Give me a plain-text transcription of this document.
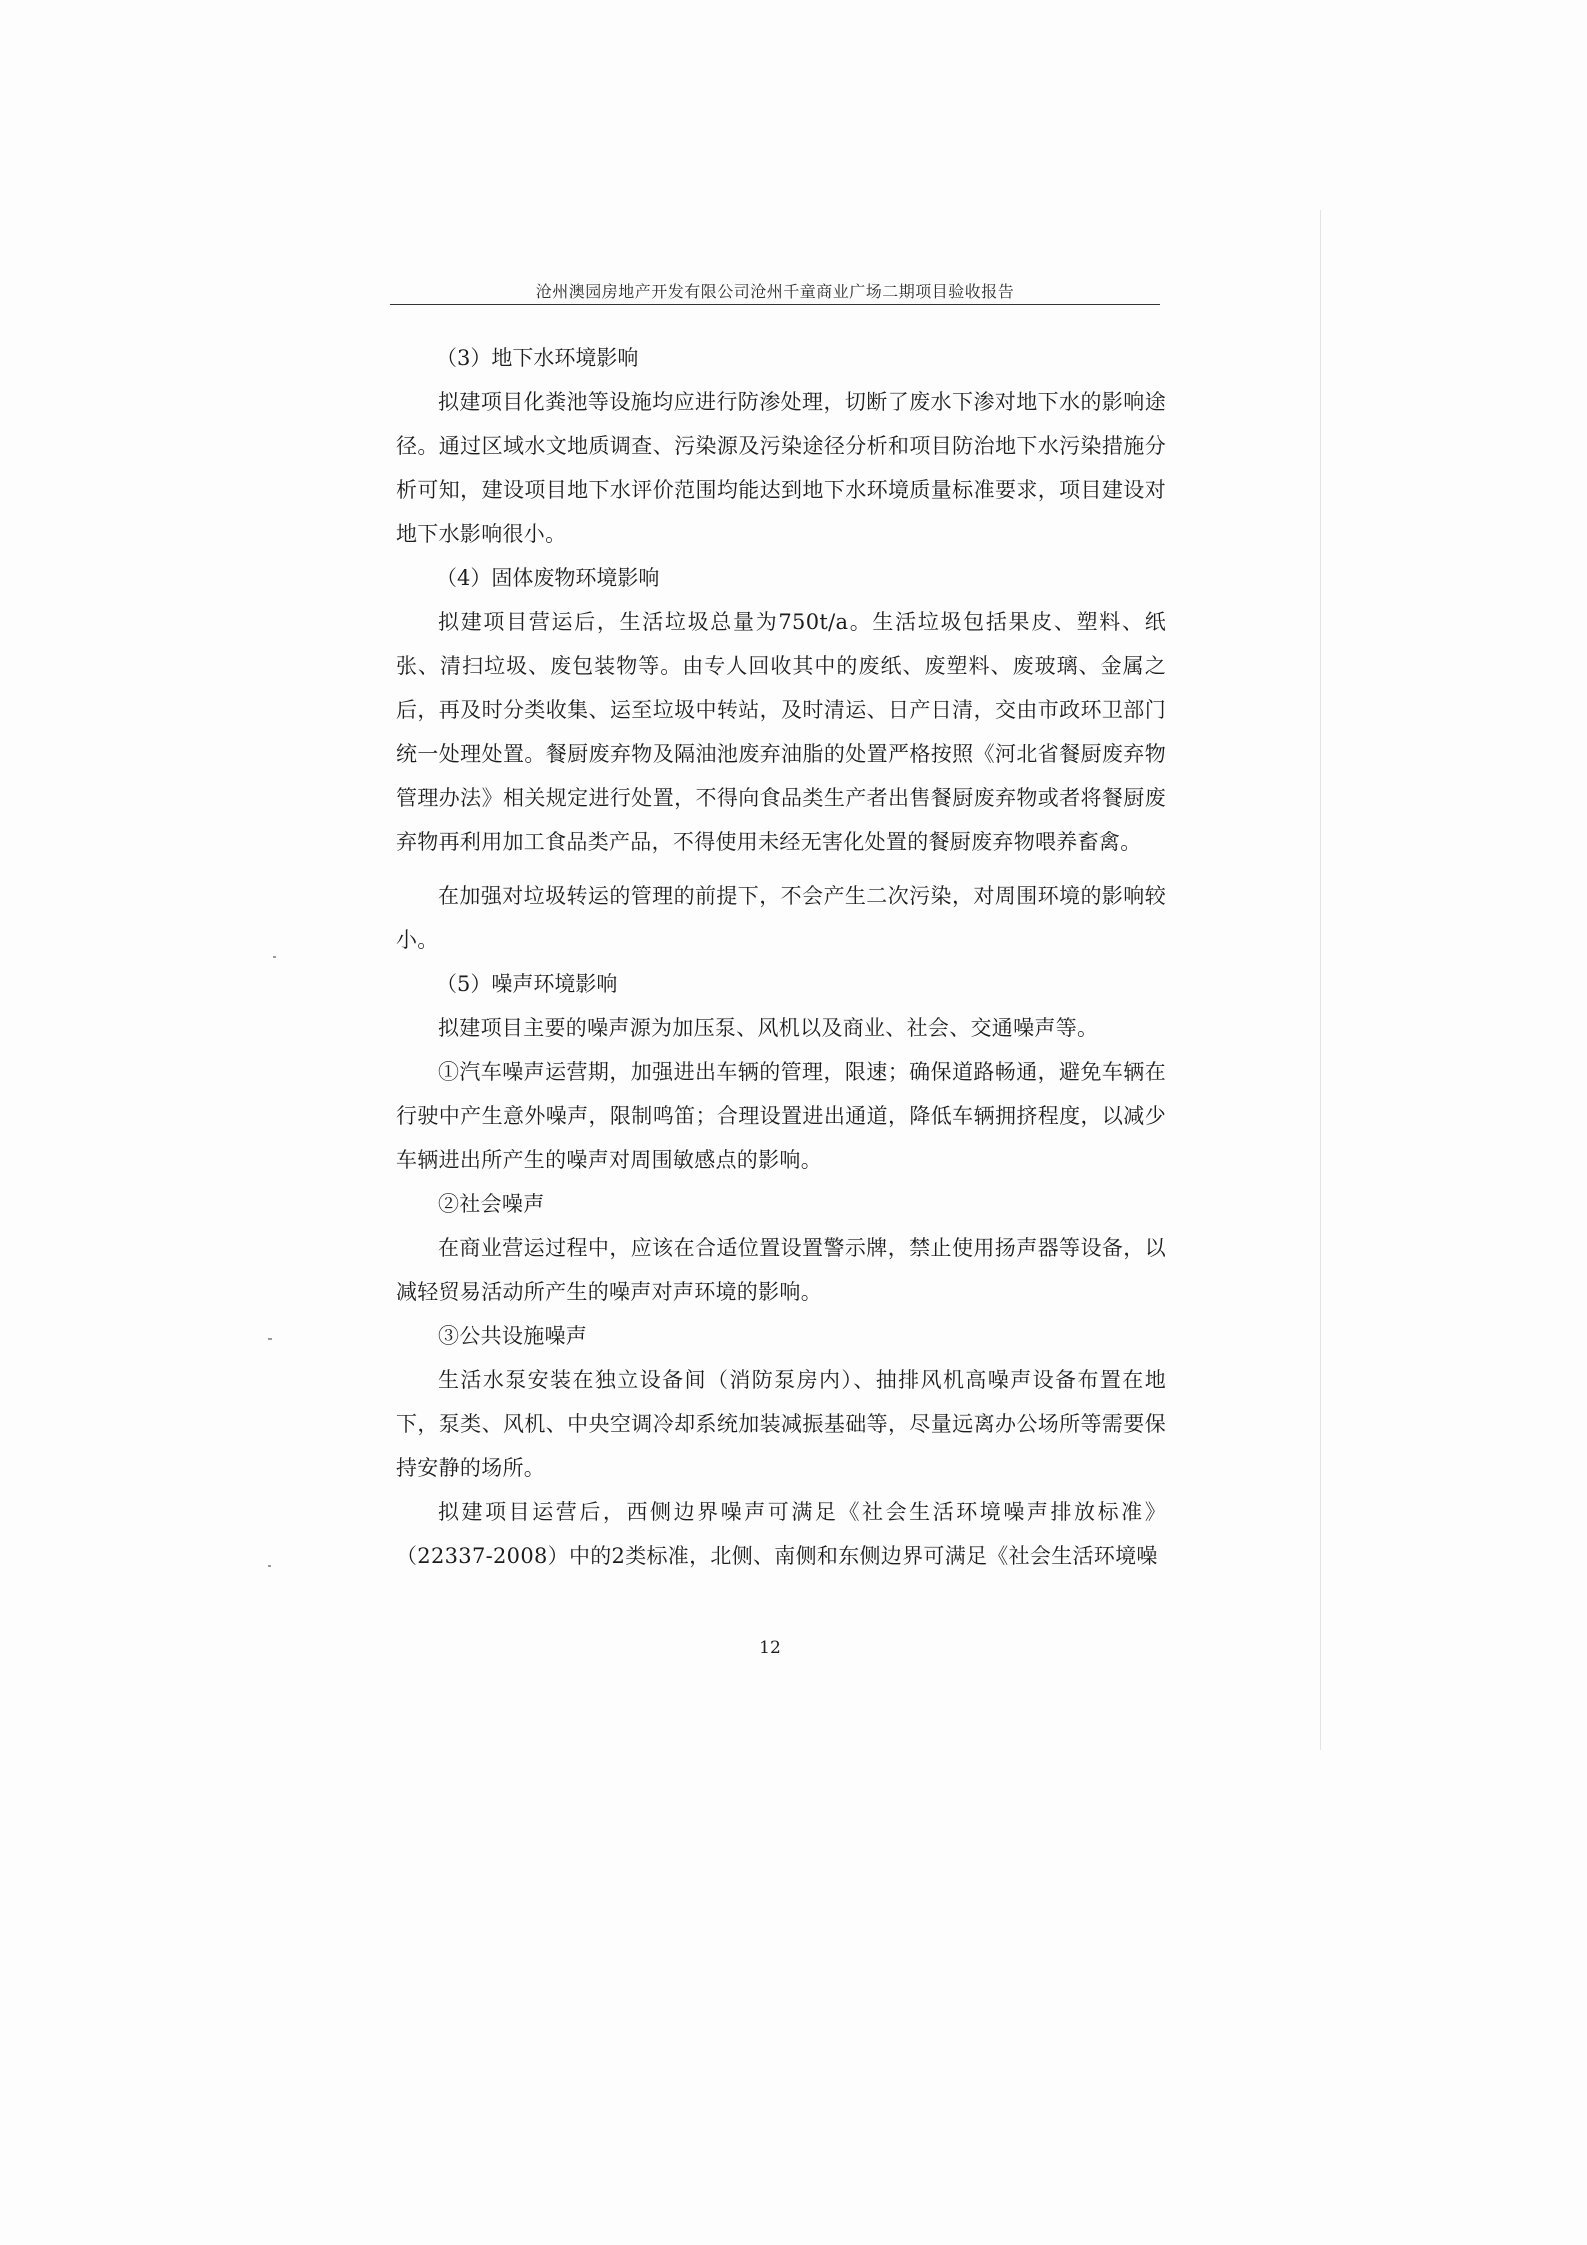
沧州澳园房地产开发有限公司沧州千童商业广场二期项目验收报告

（3）地下水环境影响

拟建项目化粪池等设施均应进行防渗处理，切断了废水下渗对地下水的影响途径。通过区域水文地质调查、污染源及污染途径分析和项目防治地下水污染措施分析可知，建设项目地下水评价范围均能达到地下水环境质量标准要求，项目建设对地下水影响很小。

（4）固体废物环境影响

拟建项目营运后，生活垃圾总量为750t/a。生活垃圾包括果皮、塑料、纸张、清扫垃圾、废包装物等。由专人回收其中的废纸、废塑料、废玻璃、金属之后，再及时分类收集、运至垃圾中转站，及时清运、日产日清，交由市政环卫部门统一处理处置。餐厨废弃物及隔油池废弃油脂的处置严格按照《河北省餐厨废弃物管理办法》相关规定进行处置，不得向食品类生产者出售餐厨废弃物或者将餐厨废弃物再利用加工食品类产品，不得使用未经无害化处置的餐厨废弃物喂养畜禽。

在加强对垃圾转运的管理的前提下，不会产生二次污染，对周围环境的影响较小。

（5）噪声环境影响

拟建项目主要的噪声源为加压泵、风机以及商业、社会、交通噪声等。

①汽车噪声运营期，加强进出车辆的管理，限速；确保道路畅通，避免车辆在行驶中产生意外噪声，限制鸣笛；合理设置进出通道，降低车辆拥挤程度，以减少车辆进出所产生的噪声对周围敏感点的影响。

②社会噪声

在商业营运过程中，应该在合适位置设置警示牌，禁止使用扬声器等设备，以减轻贸易活动所产生的噪声对声环境的影响。

③公共设施噪声

生活水泵安装在独立设备间（消防泵房内）、抽排风机高噪声设备布置在地下，泵类、风机、中央空调冷却系统加装减振基础等，尽量远离办公场所等需要保持安静的场所。

拟建项目运营后，西侧边界噪声可满足《社会生活环境噪声排放标准》（22337-2008）中的2类标准，北侧、南侧和东侧边界可满足《社会生活环境噪

12
